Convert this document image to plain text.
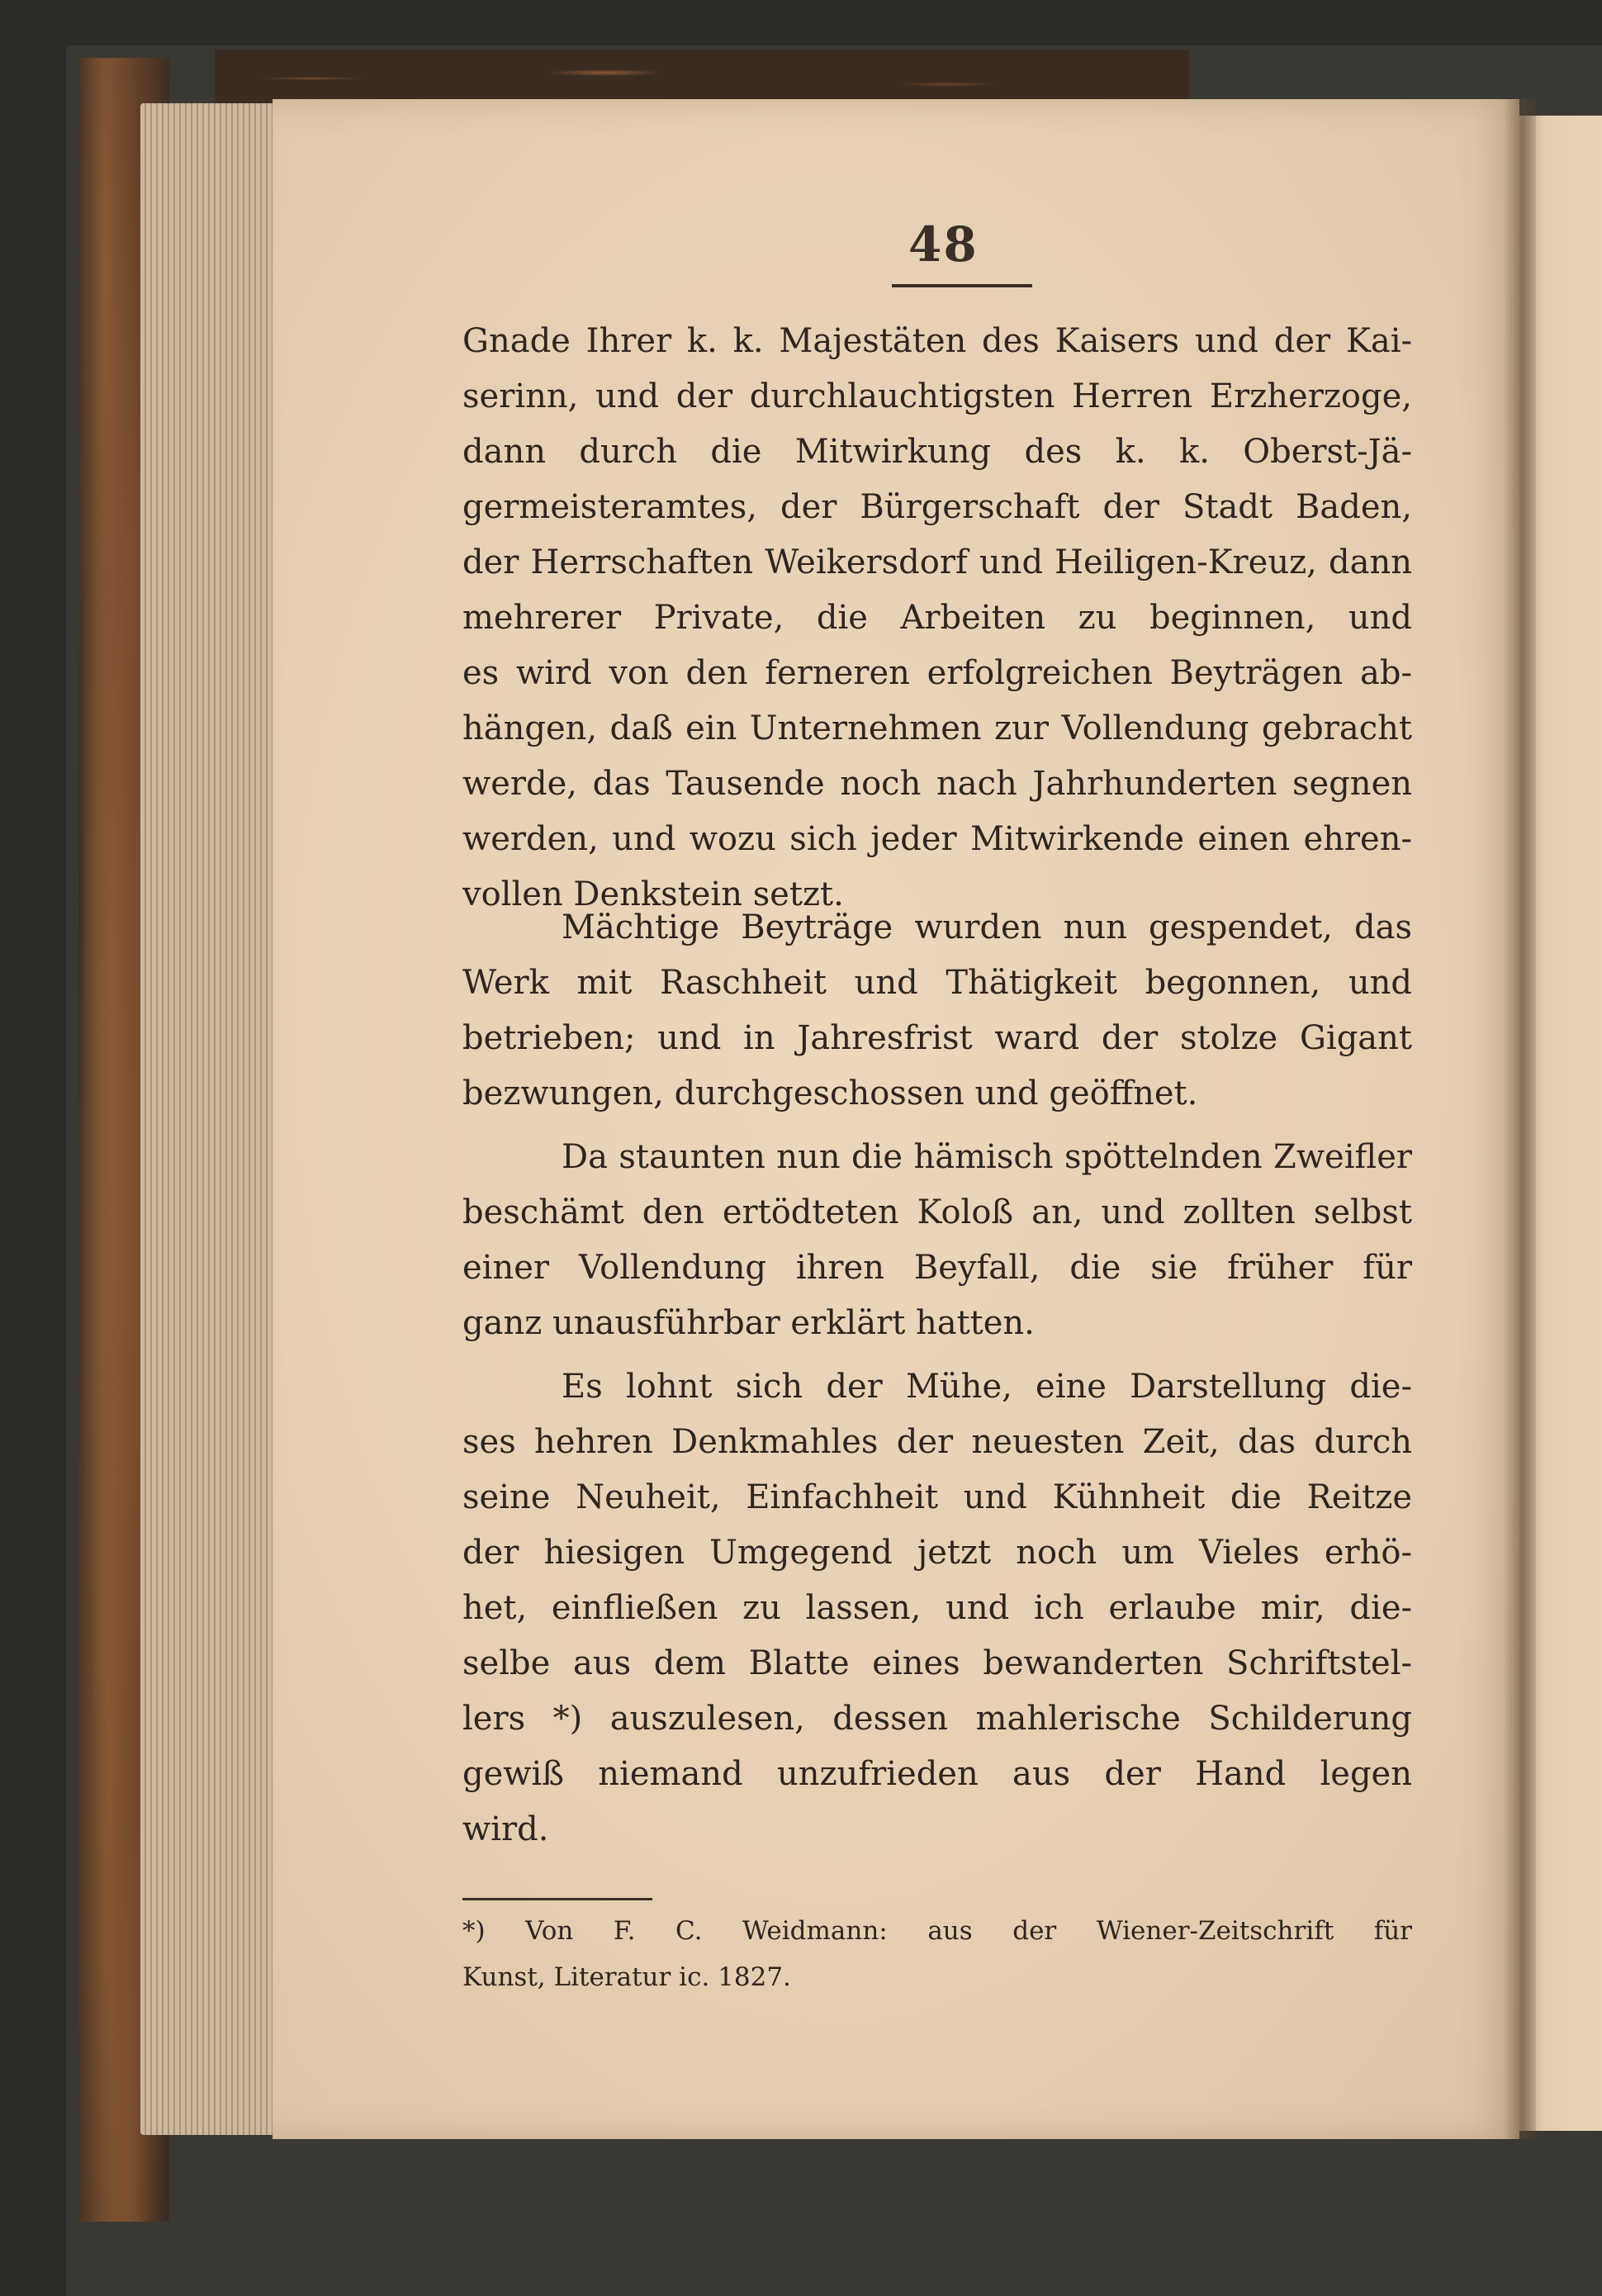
48
Gnade Ihrer k. k. Majestäten des Kaisers und der Kai-
serinn, und der durchlauchtigsten Herren Erzherzoge,
dann durch die Mitwirkung des k. k. Oberst-Jä-
germeisteramtes, der Bürgerschaft der Stadt Baden,
der Herrschaften Weikersdorf und Heiligen-Kreuz, dann
mehrerer Private, die Arbeiten zu beginnen, und
es wird von den ferneren erfolgreichen Beyträgen ab-
hängen, daß ein Unternehmen zur Vollendung gebracht
werde, das Tausende noch nach Jahrhunderten segnen
werden, und wozu sich jeder Mitwirkende einen ehren-
vollen Denkstein setzt.
Mächtige Beyträge wurden nun gespendet, das
Werk mit Raschheit und Thätigkeit begonnen, und
betrieben; und in Jahresfrist ward der stolze Gigant
bezwungen, durchgeschossen und geöffnet.
Da staunten nun die hämisch spöttelnden Zweifler
beschämt den ertödteten Koloß an, und zollten selbst
einer Vollendung ihren Beyfall, die sie früher für
ganz unausführbar erklärt hatten.
Es lohnt sich der Mühe, eine Darstellung die-
ses hehren Denkmahles der neuesten Zeit, das durch
seine Neuheit, Einfachheit und Kühnheit die Reitze
der hiesigen Umgegend jetzt noch um Vieles erhö-
het, einfließen zu lassen, und ich erlaube mir, die-
selbe aus dem Blatte eines bewanderten Schriftstel-
lers *) auszulesen, dessen mahlerische Schilderung
gewiß niemand unzufrieden aus der Hand legen
wird.
*) Von F. C. Weidmann: aus der Wiener-Zeitschrift für
Kunst, Literatur ic. 1827.
